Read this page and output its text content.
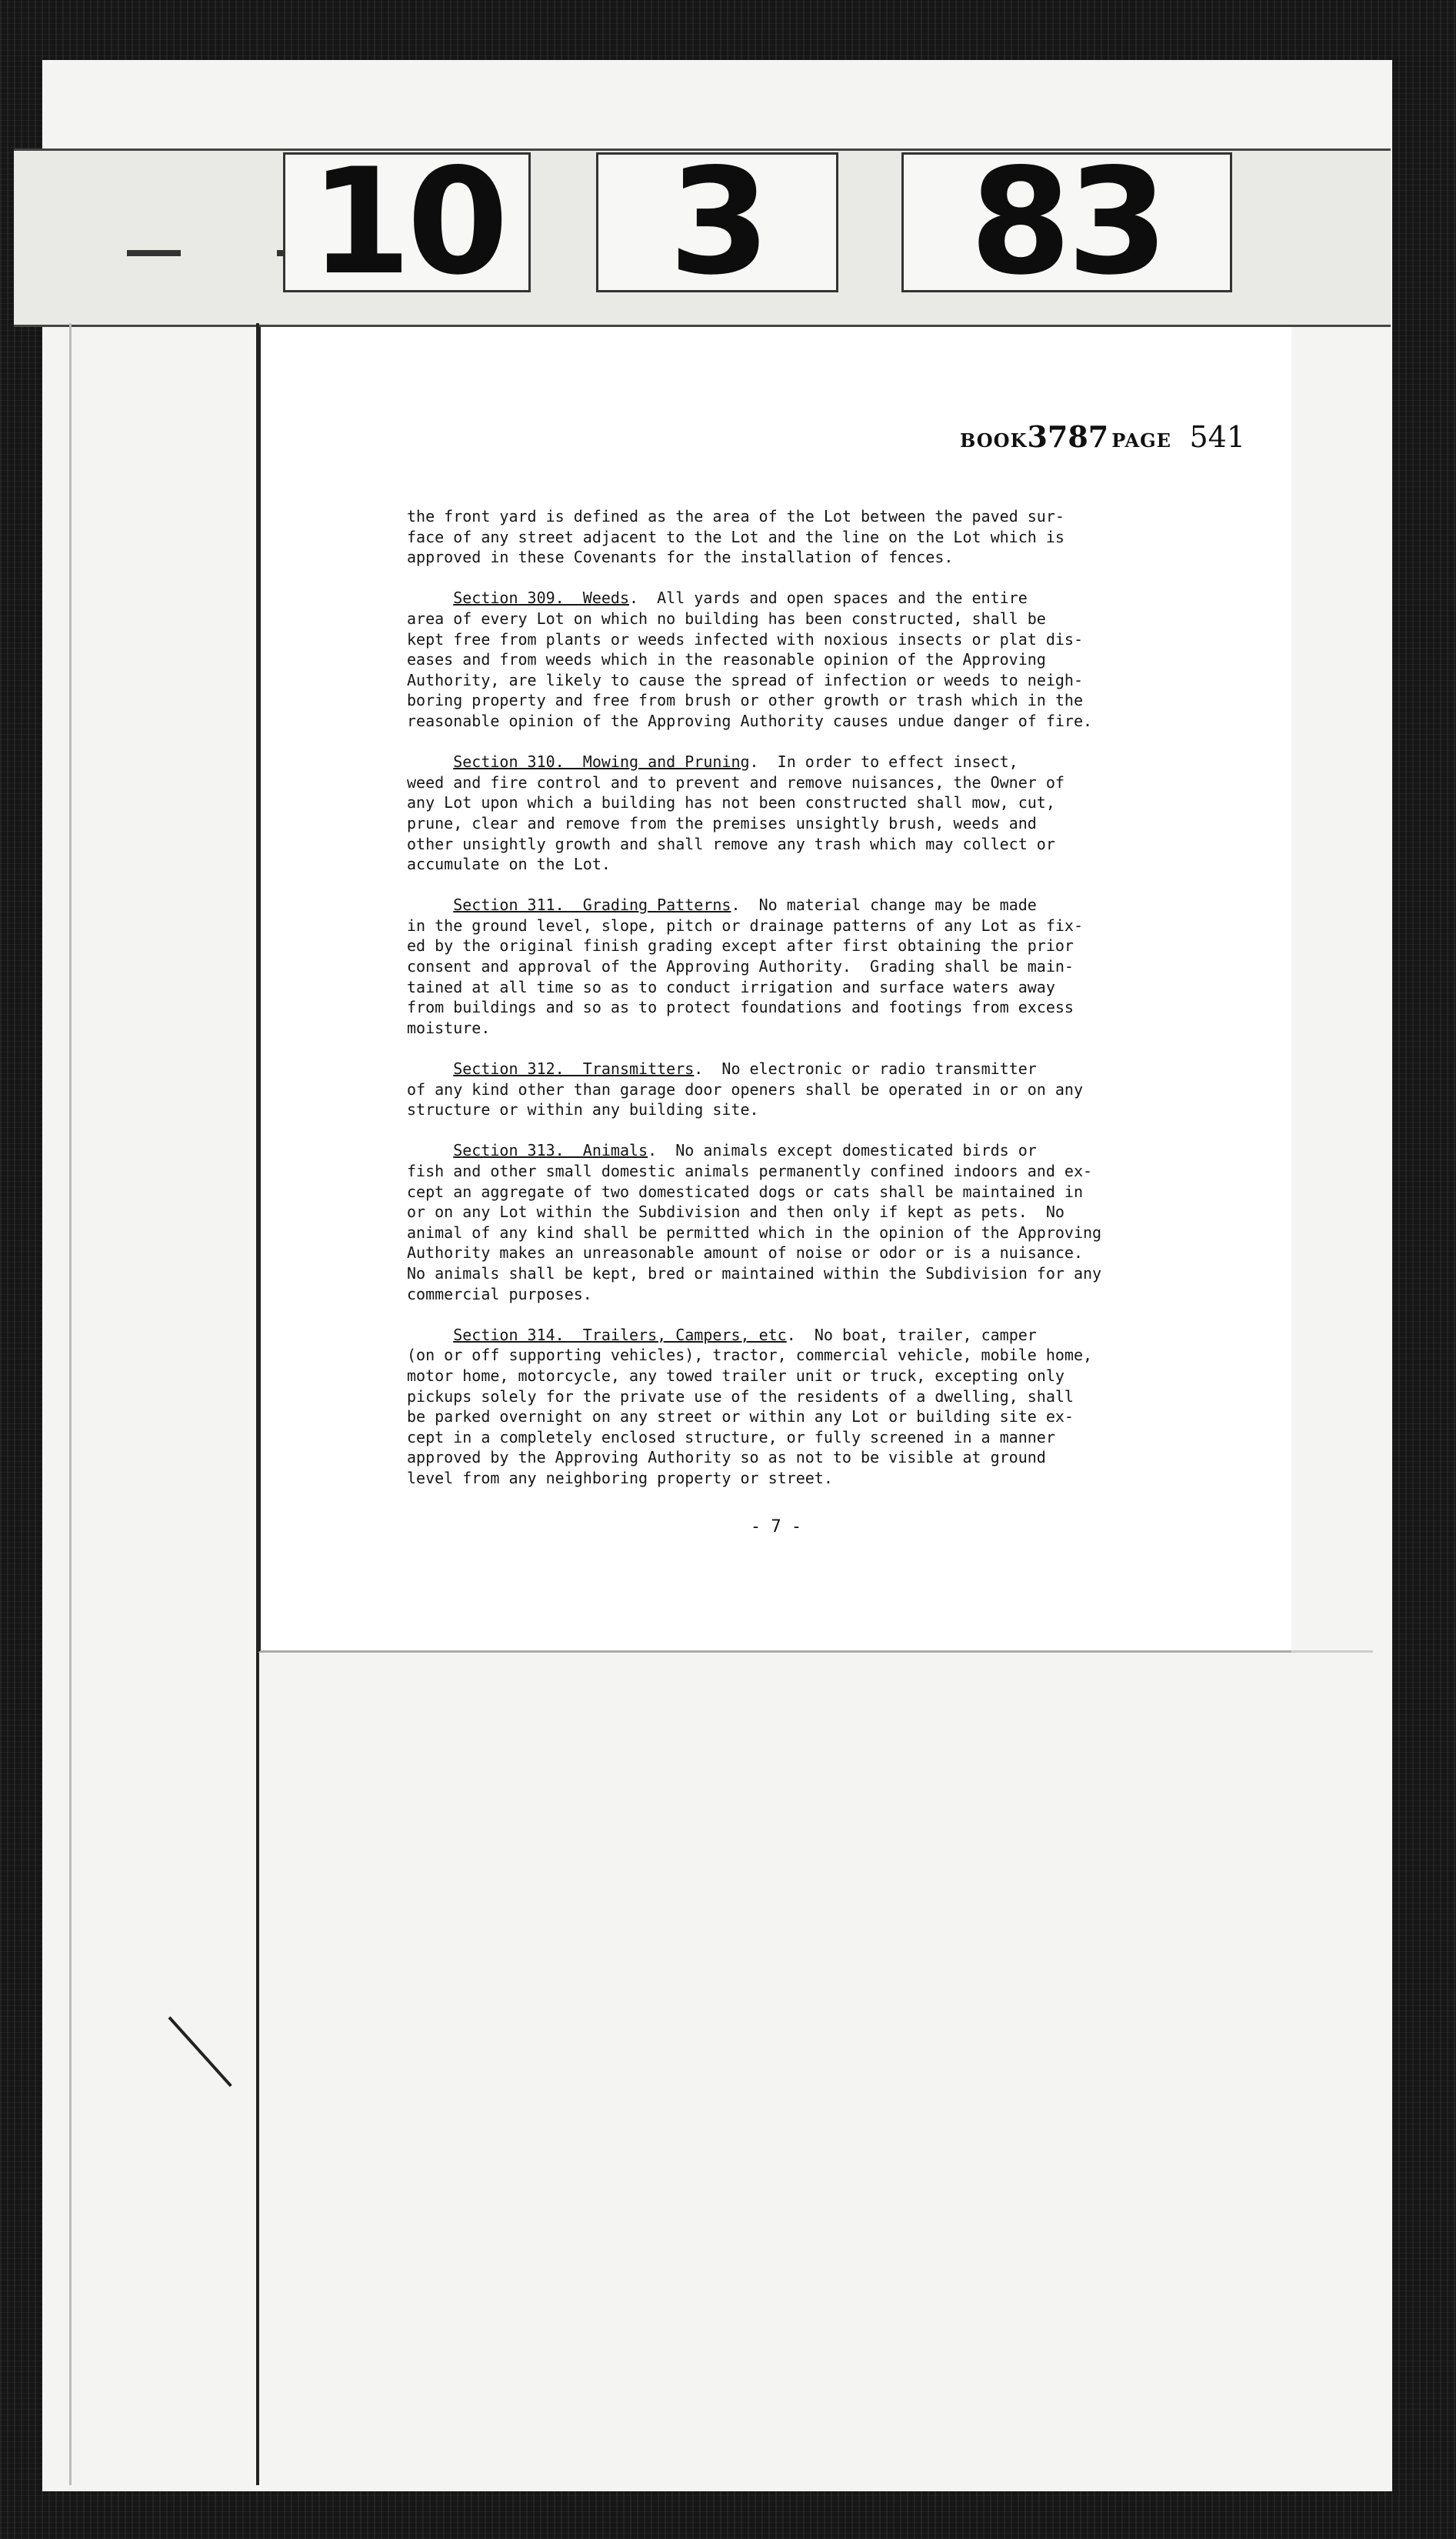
10	3	83
BOOK3787 PAGE 541
the front yard is defined as the area of the Lot between the paved sur-
face of any street adjacent to the Lot and the line on the Lot which is
approved in these Covenants for the installation of fences.
Section 309.  Weeds.  All yards and open spaces and the entire
area of every Lot on which no building has been constructed, shall be
kept free from plants or weeds infected with noxious insects or plat dis-
eases and from weeds which in the reasonable opinion of the Approving
Authority, are likely to cause the spread of infection or weeds to neigh-
boring property and free from brush or other growth or trash which in the
reasonable opinion of the Approving Authority causes undue danger of fire.
Section 310.  Mowing and Pruning.  In order to effect insect,
weed and fire control and to prevent and remove nuisances, the Owner of
any Lot upon which a building has not been constructed shall mow, cut,
prune, clear and remove from the premises unsightly brush, weeds and
other unsightly growth and shall remove any trash which may collect or
accumulate on the Lot.
Section 311.  Grading Patterns.  No material change may be made
in the ground level, slope, pitch or drainage patterns of any Lot as fix-
ed by the original finish grading except after first obtaining the prior
consent and approval of the Approving Authority.  Grading shall be main-
tained at all time so as to conduct irrigation and surface waters away
from buildings and so as to protect foundations and footings from excess
moisture.
Section 312.  Transmitters.  No electronic or radio transmitter
of any kind other than garage door openers shall be operated in or on any
structure or within any building site.
Section 313.  Animals.  No animals except domesticated birds or
fish and other small domestic animals permanently confined indoors and ex-
cept an aggregate of two domesticated dogs or cats shall be maintained in
or on any Lot within the Subdivision and then only if kept as pets.  No
animal of any kind shall be permitted which in the opinion of the Approving
Authority makes an unreasonable amount of noise or odor or is a nuisance.
No animals shall be kept, bred or maintained within the Subdivision for any
commercial purposes.
Section 314.  Trailers, Campers, etc.  No boat, trailer, camper
(on or off supporting vehicles), tractor, commercial vehicle, mobile home,
motor home, motorcycle, any towed trailer unit or truck, excepting only
pickups solely for the private use of the residents of a dwelling, shall
be parked overnight on any street or within any Lot or building site ex-
cept in a completely enclosed structure, or fully screened in a manner
approved by the Approving Authority so as not to be visible at ground
level from any neighboring property or street.
- 7 -
